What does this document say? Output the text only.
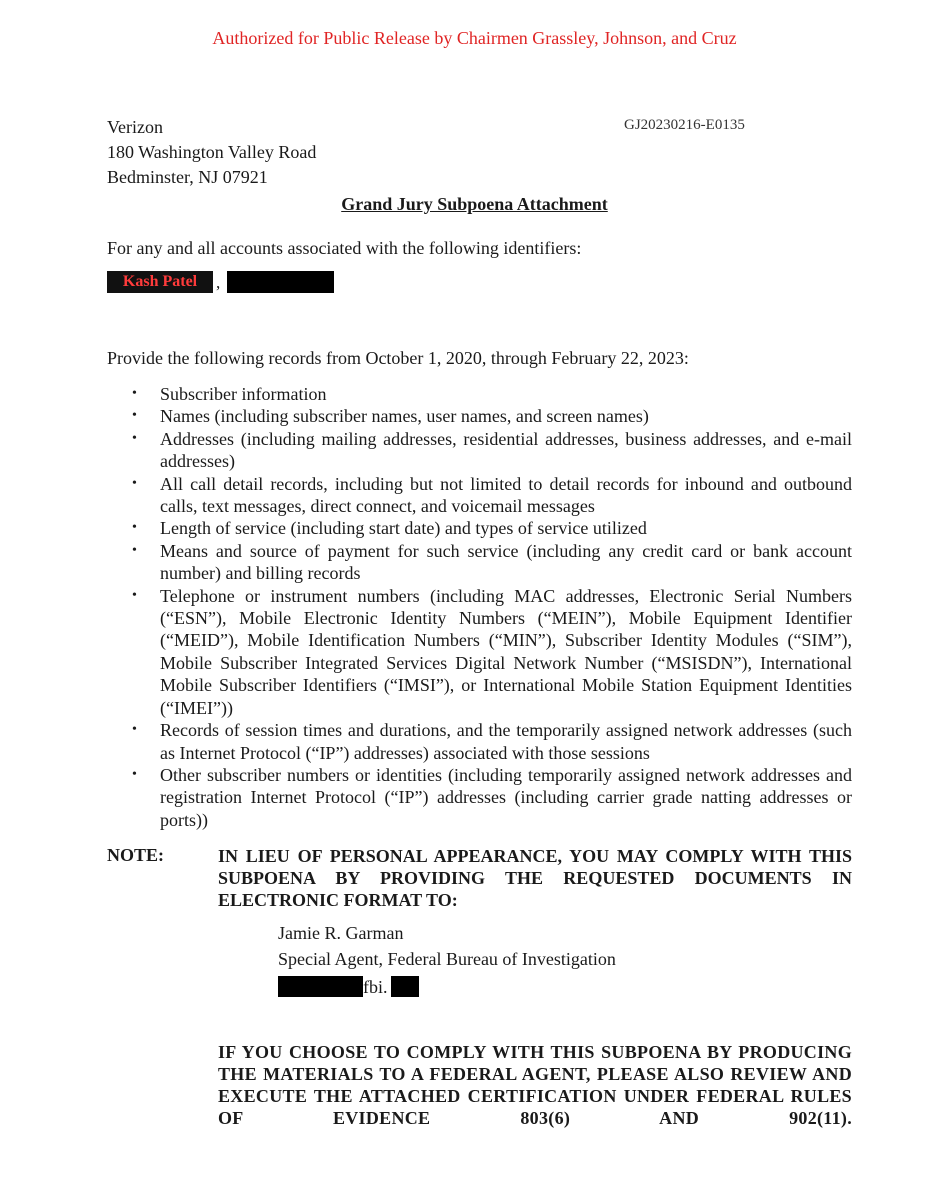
Authorized for Public Release by Chairmen Grassley, Johnson, and Cruz
Verizon
180 Washington Valley Road
Bedminster, NJ 07921
GJ20230216-E0135
Grand Jury Subpoena Attachment
For any and all accounts associated with the following identifiers:
Kash Patel	,
Provide the following records from October 1, 2020, through February 22, 2023:
• Subscriber information
• Names (including subscriber names, user names, and screen names)
• Addresses (including mailing addresses, residential addresses, business addresses, and e-mail addresses)
• All call detail records, including but not limited to detail records for inbound and outbound calls, text messages, direct connect, and voicemail messages
• Length of service (including start date) and types of service utilized
• Means and source of payment for such service (including any credit card or bank account number) and billing records
• Telephone or instrument numbers (including MAC addresses, Electronic Serial Numbers (“ESN”), Mobile Electronic Identity Numbers (“MEIN”), Mobile Equipment Identifier (“MEID”), Mobile Identification Numbers (“MIN”), Subscriber Identity Modules (“SIM”), Mobile Subscriber Integrated Services Digital Network Number (“MSISDN”), International Mobile Subscriber Identifiers (“IMSI”), or International Mobile Station Equipment Identities (“IMEI”))
• Records of session times and durations, and the temporarily assigned network addresses (such as Internet Protocol (“IP”) addresses) associated with those sessions
• Other subscriber numbers or identities (including temporarily assigned network addresses and registration Internet Protocol (“IP”) addresses (including carrier grade natting addresses or ports))
NOTE:	IN LIEU OF PERSONAL APPEARANCE, YOU MAY COMPLY WITH THIS SUBPOENA BY PROVIDING THE REQUESTED DOCUMENTS IN ELECTRONIC FORMAT TO:
Jamie R. Garman
Special Agent, Federal Bureau of Investigation
fbi.
IF YOU CHOOSE TO COMPLY WITH THIS SUBPOENA BY PRODUCING THE MATERIALS TO A FEDERAL AGENT, PLEASE ALSO REVIEW AND EXECUTE THE ATTACHED CERTIFICATION UNDER FEDERAL RULES OF EVIDENCE 803(6) AND 902(11).
